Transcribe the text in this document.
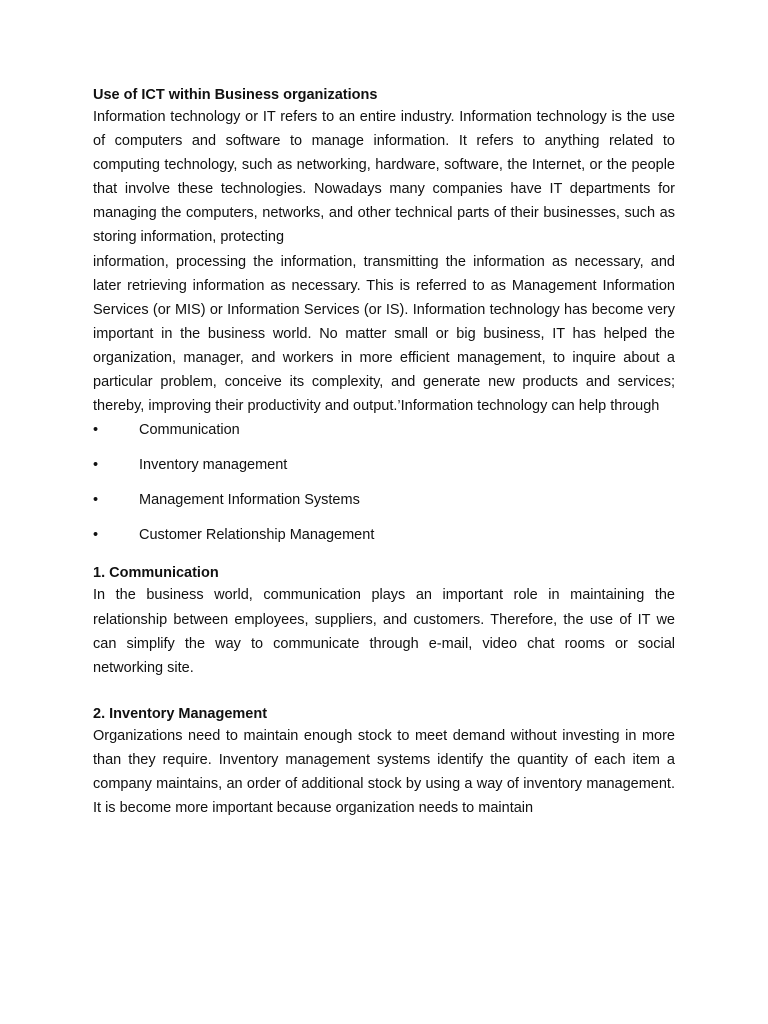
Use of ICT within Business organizations

Information technology or IT refers to an entire industry. Information technology is the use of computers and software to manage information. It refers to anything related to computing technology, such as networking, hardware, software, the Internet, or the people that involve these technologies. Nowadays many companies have IT departments for managing the computers, networks, and other technical parts of their businesses, such as storing information, protecting

information, processing the information, transmitting the information as necessary, and later retrieving information as necessary. This is referred to as Management Information Services (or MIS) or Information Services (or IS). Information technology has become very important in the business world. No matter small or big business, IT has helped the organization, manager, and workers in more efficient management, to inquire about a particular problem, conceive its complexity, and generate new products and services; thereby, improving their productivity and output.’Information technology can help through

•	Communication
•	Inventory management
•	Management Information Systems
•	Customer Relationship Management

1. Communication

In the business world, communication plays an important role in maintaining the relationship between employees, suppliers, and customers. Therefore, the use of IT we can simplify the way to communicate through e-mail, video chat rooms or social networking site.

2. Inventory Management

Organizations need to maintain enough stock to meet demand without investing in more than they require. Inventory management systems identify the quantity of each item a company maintains, an order of additional stock by using a way of inventory management. It is become more important because organization needs to maintain
